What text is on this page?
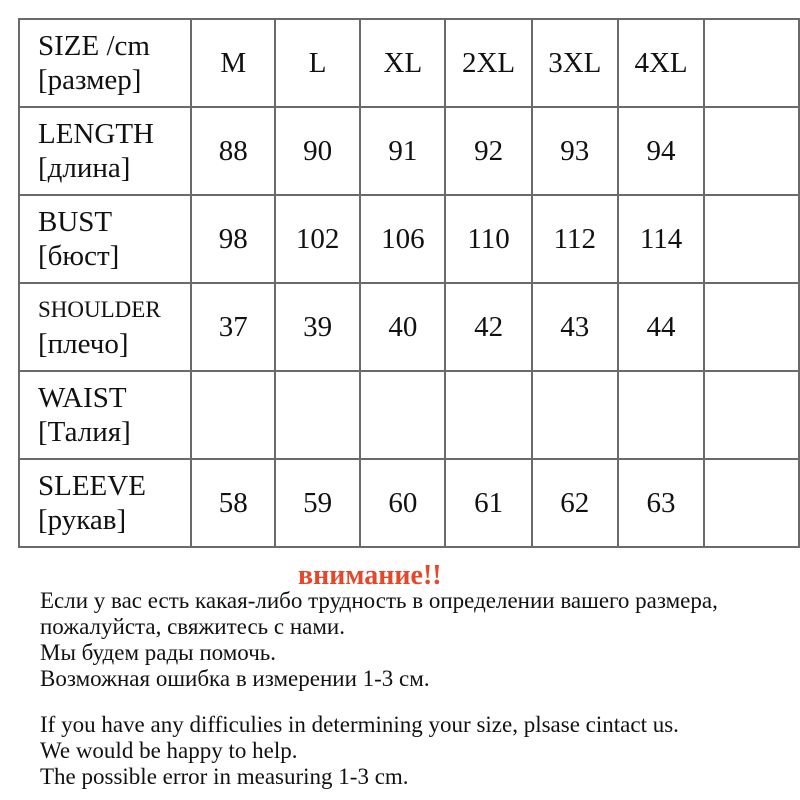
SIZE /cm
[размер]	M	L	XL	2XL	3XL	4XL	

LENGTH
[длина]	88	90	91	92	93	94	

BUST
[бюст]	98	102	106	110	112	114	

SHOULDER
[плечо]	37	39	40	42	43	44	

WAIST
[Талия]							

SLEEVE
[рукав]	58	59	60	61	62	63	
внимание!!
Если у вас есть какая-либо трудность в определении вашего размера,
пожалуйста, свяжитесь с нами.
Мы будем рады помочь.
Возможная ошибка в измерении 1-3 см.
If you have any difficulies in determining your size, plsase cintact us.
We would be happy to help.
The possible error in measuring 1-3 cm.
